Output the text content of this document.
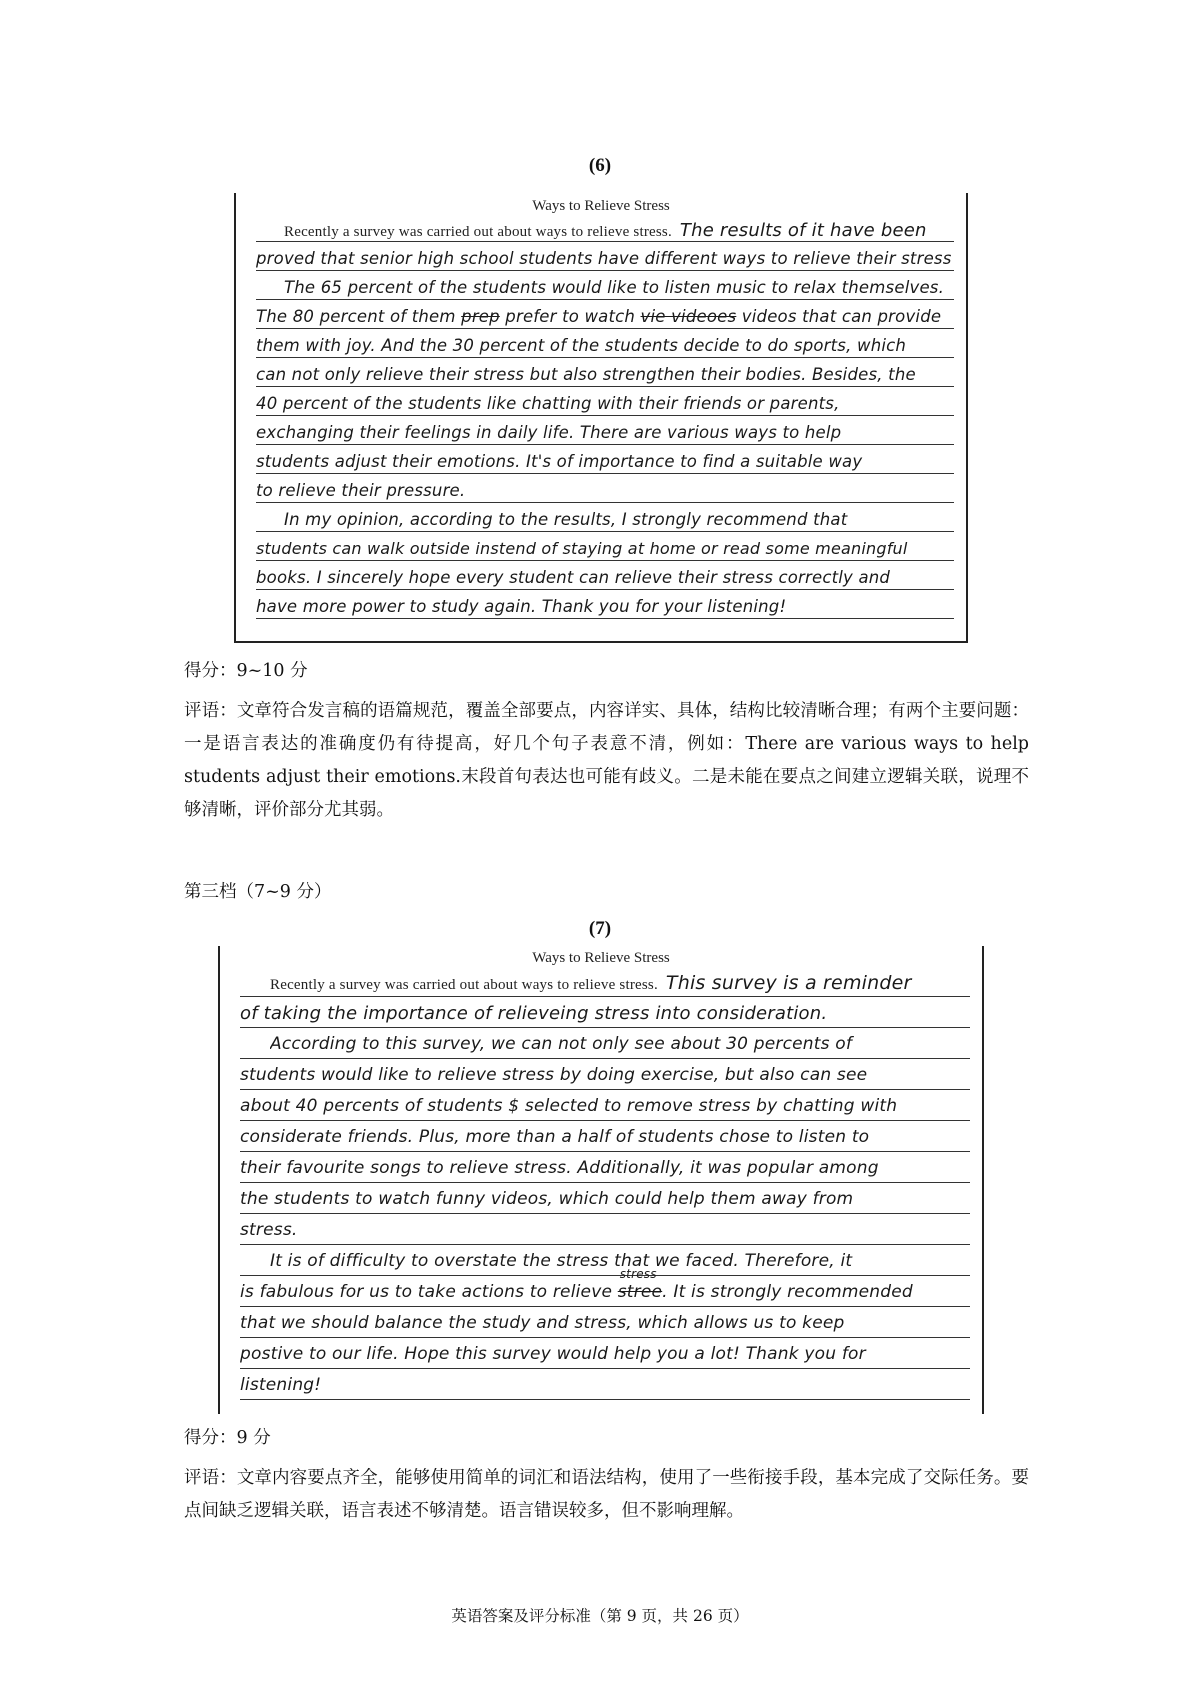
(6)
Ways to Relieve Stress
Recently a survey was carried out about ways to relieve stress. The results of it have been
proved that senior high school students have different ways to relieve their stress
The 65 percent of the students would like to listen music to relax themselves.
The 80 percent of them prep prefer to watch vie videoes videos that can provide
them with joy. And the 30 percent of the students decide to do sports, which
can not only relieve their stress but also strengthen their bodies. Besides, the
40 percent of the students like chatting with their friends or parents,
exchanging their feelings in daily life. There are various ways to help
students adjust their emotions. It's of importance to find a suitable way
to relieve their pressure.
In my opinion, according to the results, I strongly recommend that
students can walk outside instend of staying at home or read some meaningful
books. I sincerely hope every student can relieve their stress correctly and
have more power to study again. Thank you for your listening!
得分：9~10 分
评语：文章符合发言稿的语篇规范，覆盖全部要点，内容详实、具体，结构比较清晰合理；有两个主要问题：一是语言表达的准确度仍有待提高，好几个句子表意不清，例如：There are various ways to help students adjust their emotions.末段首句表达也可能有歧义。二是未能在要点之间建立逻辑关联，说理不够清晰，评价部分尤其弱。
第三档（7~9 分）
(7)
Ways to Relieve Stress
Recently a survey was carried out about ways to relieve stress. This survey is a reminder
of taking the importance of relieveing stress into consideration.
According to this survey, we can not only see about 30 percents of
students would like to relieve stress by doing exercise, but also can see
about 40 percents of students $ selected to remove stress by chatting with
considerate friends. Plus, more than a half of students chose to listen to
their favourite songs to relieve stress. Additionally, it was popular among
the students to watch funny videos, which could help them away from
stress.
It is of difficulty to overstate the stress that we faced. Therefore, it
is fabulous for us to take actions to relieve
stress
stree. It is strongly recommended
that we should balance the study and stress, which allows us to keep
postive to our life. Hope this survey would help you a lot! Thank you for
listening!
得分：9 分
评语：文章内容要点齐全，能够使用简单的词汇和语法结构，使用了一些衔接手段，基本完成了交际任务。要点间缺乏逻辑关联，语言表述不够清楚。语言错误较多，但不影响理解。
英语答案及评分标准（第 9 页，共 26 页）
